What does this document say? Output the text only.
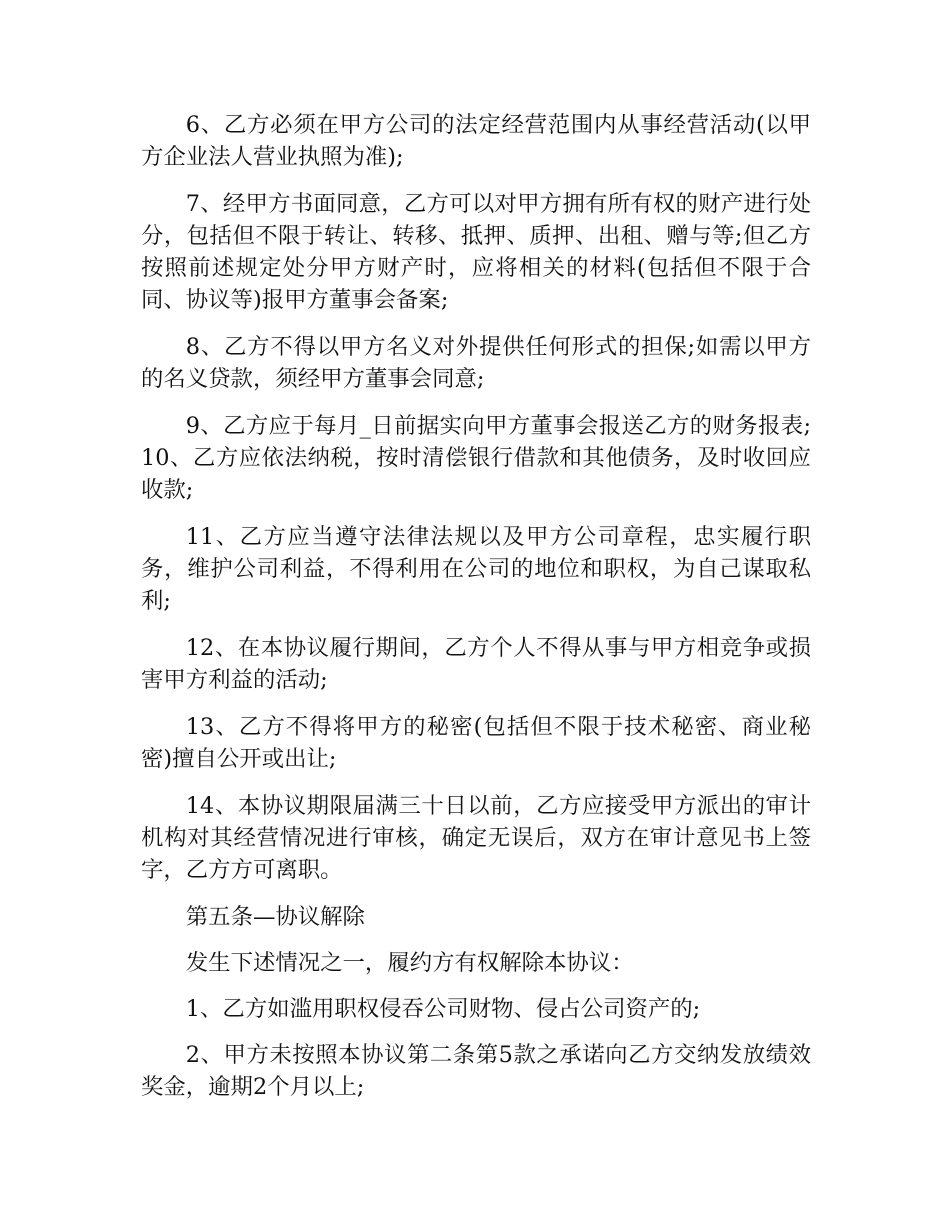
6、乙方必须在甲方公司的法定经营范围内从事经营活动(以甲方企业法人营业执照为准);

7、经甲方书面同意，乙方可以对甲方拥有所有权的财产进行处分，包括但不限于转让、转移、抵押、质押、出租、赠与等;但乙方按照前述规定处分甲方财产时，应将相关的材料(包括但不限于合同、协议等)报甲方董事会备案;

8、乙方不得以甲方名义对外提供任何形式的担保;如需以甲方的名义贷款，须经甲方董事会同意;

9、乙方应于每月_日前据实向甲方董事会报送乙方的财务报表;10、乙方应依法纳税，按时清偿银行借款和其他债务，及时收回应收款;

11、乙方应当遵守法律法规以及甲方公司章程，忠实履行职务，维护公司利益，不得利用在公司的地位和职权，为自己谋取私利;

12、在本协议履行期间，乙方个人不得从事与甲方相竞争或损害甲方利益的活动;

13、乙方不得将甲方的秘密(包括但不限于技术秘密、商业秘密)擅自公开或出让;

14、本协议期限届满三十日以前，乙方应接受甲方派出的审计机构对其经营情况进行审核，确定无误后，双方在审计意见书上签字，乙方方可离职。

第五条—协议解除

发生下述情况之一，履约方有权解除本协议：

1、乙方如滥用职权侵吞公司财物、侵占公司资产的;

2、甲方未按照本协议第二条第5款之承诺向乙方交纳发放绩效奖金，逾期2个月以上;
